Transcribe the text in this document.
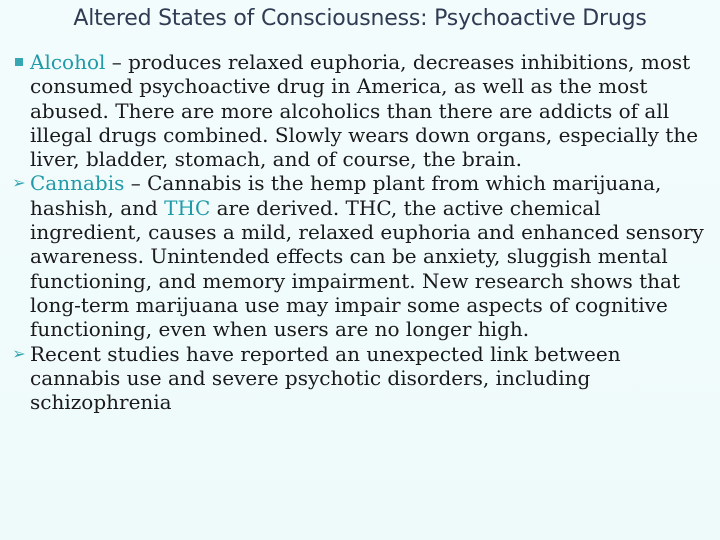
Altered States of Consciousness: Psychoactive Drugs

Alcohol – produces relaxed euphoria, decreases inhibitions, most consumed psychoactive drug in America, as well as the most abused. There are more alcoholics than there are addicts of all illegal drugs combined. Slowly wears down organs, especially the liver, bladder, stomach, and of course, the brain.

➢ Cannabis – Cannabis is the hemp plant from which marijuana, hashish, and THC are derived. THC, the active chemical ingredient, causes a mild, relaxed euphoria and enhanced sensory awareness. Unintended effects can be anxiety, sluggish mental functioning, and memory impairment. New research shows that long-term marijuana use may impair some aspects of cognitive functioning, even when users are no longer high.

➢ Recent studies have reported an unexpected link between cannabis use and severe psychotic disorders, including schizophrenia
